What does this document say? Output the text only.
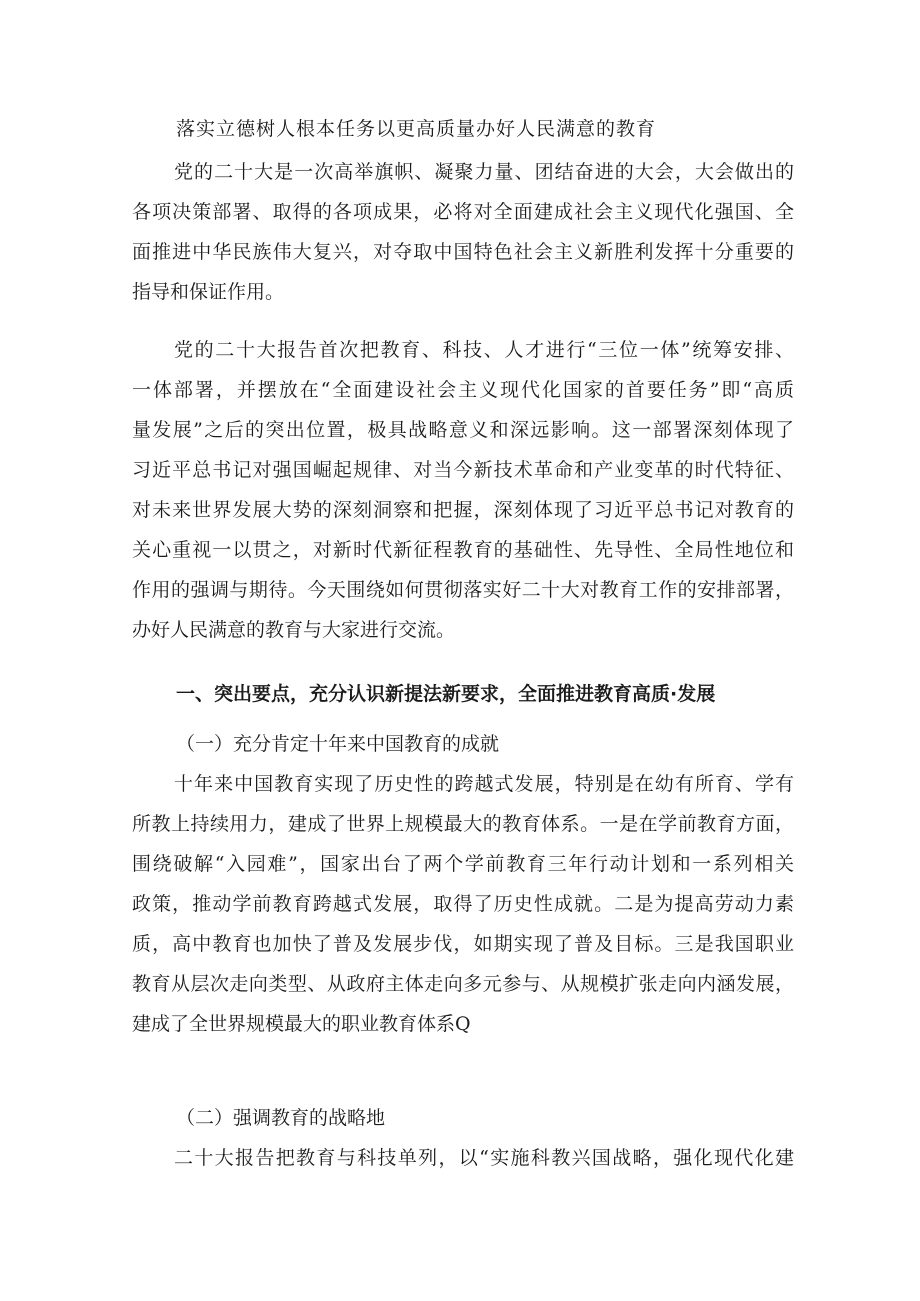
落实立德树人根本任务以更高质量办好人民满意的教育
党的二十大是一次高举旗帜、凝聚力量、团结奋进的大会，大会做出的
各项决策部署、取得的各项成果，必将对全面建成社会主义现代化强国、全
面推进中华民族伟大复兴，对夺取中国特色社会主义新胜利发挥十分重要的
指导和保证作用。
党的二十大报告首次把教育、科技、人才进行“三位一体”统筹安排、
一体部署，并摆放在“全面建设社会主义现代化国家的首要任务”即“高质
量发展”之后的突出位置，极具战略意义和深远影响。这一部署深刻体现了
习近平总书记对强国崛起规律、对当今新技术革命和产业变革的时代特征、
对未来世界发展大势的深刻洞察和把握，深刻体现了习近平总书记对教育的
关心重视一以贯之，对新时代新征程教育的基础性、先导性、全局性地位和
作用的强调与期待。今天围绕如何贯彻落实好二十大对教育工作的安排部署，
办好人民满意的教育与大家进行交流。
一、突出要点，充分认识新提法新要求，全面推进教育高质·发展
（一）充分肯定十年来中国教育的成就
十年来中国教育实现了历史性的跨越式发展，特别是在幼有所育、学有
所教上持续用力，建成了世界上规模最大的教育体系。一是在学前教育方面，
围绕破解“入园难”，国家出台了两个学前教育三年行动计划和一系列相关
政策，推动学前教育跨越式发展，取得了历史性成就。二是为提高劳动力素
质，高中教育也加快了普及发展步伐，如期实现了普及目标。三是我国职业
教育从层次走向类型、从政府主体走向多元参与、从规模扩张走向内涵发展，
建成了全世界规模最大的职业教育体系Q
（二）强调教育的战略地
二十大报告把教育与科技单列，以“实施科教兴国战略，强化现代化建
